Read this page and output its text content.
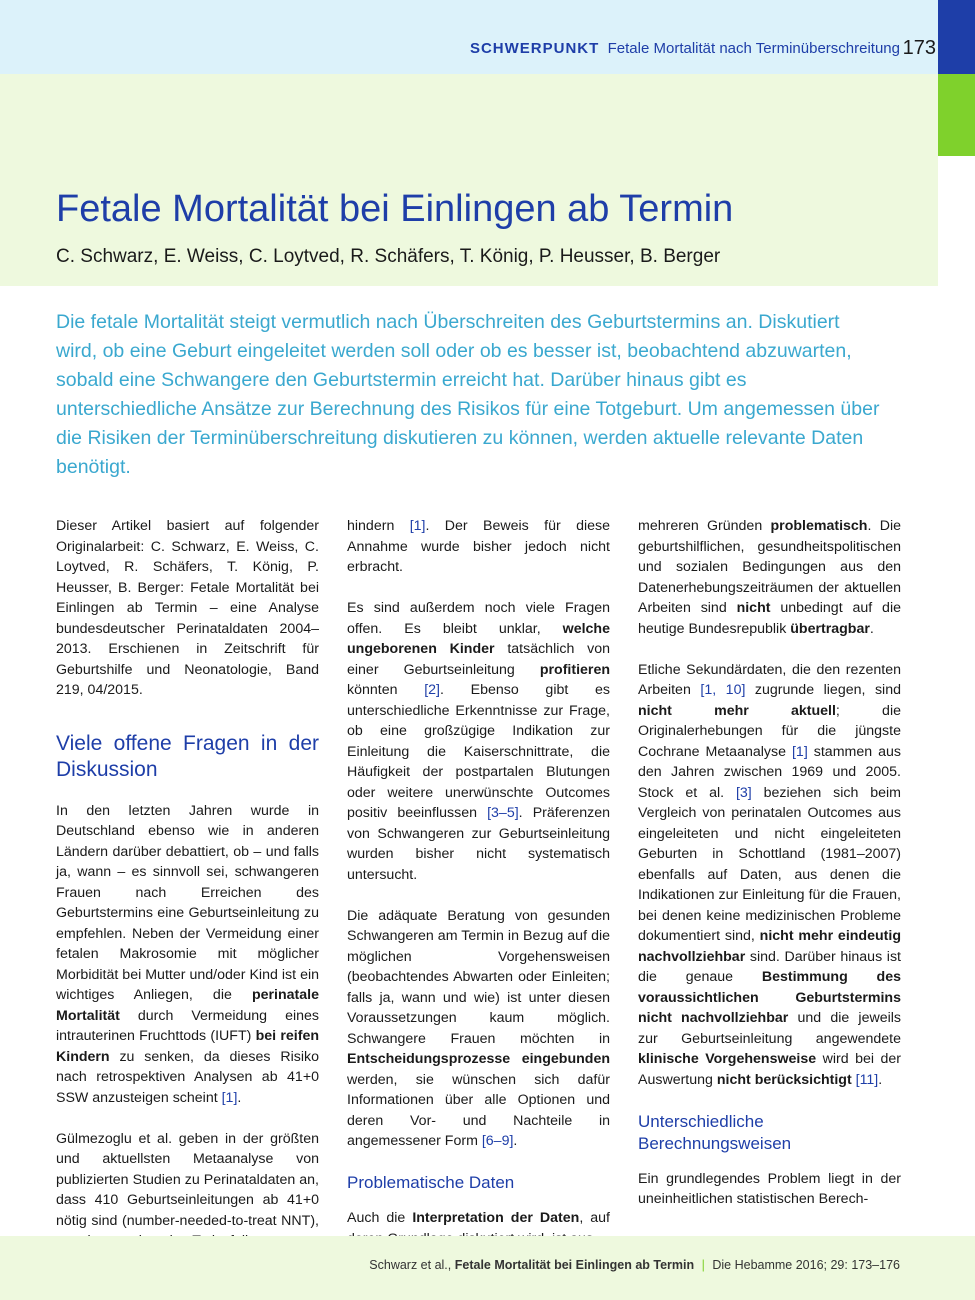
SCHWERPUNKT Fetale Mortalität nach Terminüberschreitung 173
Fetale Mortalität bei Einlingen ab Termin
C. Schwarz, E. Weiss, C. Loytved, R. Schäfers, T. König, P. Heusser, B. Berger

Die fetale Mortalität steigt vermutlich nach Überschreiten des Geburtstermins an. Diskutiert wird, ob eine Geburt eingeleitet werden soll oder ob es besser ist, beobachtend abzuwarten, sobald eine Schwangere den Geburtstermin erreicht hat. Darüber hinaus gibt es unterschiedliche Ansätze zur Berechnung des Risikos für eine Totgeburt. Um angemessen über die Risiken der Terminüberschreitung diskutieren zu können, werden aktuelle relevante Daten benötigt.

Dieser Artikel basiert auf folgender Originalarbeit: C. Schwarz, E. Weiss, C. Loytved, R. Schäfers, T. König, P. Heusser, B. Berger: Fetale Mortalität bei Einlingen ab Termin – eine Analyse bundesdeutscher Perinataldaten 2004–2013. Erschienen in Zeitschrift für Geburtshilfe und Neonatologie, Band 219, 04/2015.

Viele offene Fragen in der Diskussion

In den letzten Jahren wurde in Deutschland ebenso wie in anderen Ländern darüber debattiert, ob – und falls ja, wann – es sinnvoll sei, schwangeren Frauen nach Erreichen des Geburtstermins eine Geburtseinleitung zu empfehlen. Neben der Vermeidung einer fetalen Makrosomie mit möglicher Morbidität bei Mutter und/oder Kind ist ein wichtiges Anliegen, die perinatale Mortalität durch Vermeidung eines intrauterinen Fruchttods (IUFT) bei reifen Kindern zu senken, da dieses Risiko nach retrospektiven Analysen ab 41+0 SSW anzusteigen scheint [1].

Gülmezoglu et al. geben in der größten und aktuellsten Metaanalyse von publizierten Studien zu Perinataldaten an, dass 410 Geburtseinleitungen ab 41+0 nötig sind (number-needed-to-treat NNT),

hindern [1]. Der Beweis für diese Annahme wurde bisher jedoch nicht erbracht.

Es sind außerdem noch viele Fragen offen. Es bleibt unklar, welche ungeborenen Kinder tatsächlich von einer Geburtseinleitung profitieren könnten [2]. Ebenso gibt es unterschiedliche Erkenntnisse zur Frage, ob eine großzügige Indikation zur Einleitung die Kaiserschnittrate, die Häufigkeit der postpartalen Blutungen oder weitere unerwünschte Outcomes positiv beeinflussen [3–5]. Präferenzen von Schwangeren zur Geburtseinleitung wurden bisher nicht systematisch untersucht.

Die adäquate Beratung von gesunden Schwangeren am Termin in Bezug auf die möglichen Vorgehensweisen (beobachtendes Abwarten oder Einleiten; falls ja, wann und wie) ist unter diesen Voraussetzungen kaum möglich. Schwangere Frauen möchten in Entscheidungsprozesse eingebunden werden, sie wünschen sich dafür Informationen über alle Optionen und deren Vor- und Nachteile in angemessener Form [6–9].

Problematische Daten

Auch die Interpretation der Daten, auf

mehreren Gründen problematisch. Die geburtshilflichen, gesundheitspolitischen und sozialen Bedingungen aus den Datenerhebungszeiträumen der aktuellen Arbeiten sind nicht unbedingt auf die heutige Bundesrepublik übertragbar.

Etliche Sekundärdaten, die den rezenten Arbeiten [1, 10] zugrunde liegen, sind nicht mehr aktuell; die Originalerhebungen für die jüngste Cochrane Metaanalyse [1] stammen aus den Jahren zwischen 1969 und 2005. Stock et al. [3] beziehen sich beim Vergleich von perinatalen Outcomes aus eingeleiteten und nicht eingeleiteten Geburten in Schottland (1981–2007) ebenfalls auf Daten, aus denen die Indikationen zur Einleitung für die Frauen, bei denen keine medizinischen Probleme dokumentiert sind, nicht mehr eindeutig nachvollziehbar sind. Darüber hinaus ist die genaue Bestimmung des voraussichtlichen Geburtstermins nicht nachvollziehbar und die jeweils zur Geburtseinleitung angewendete klinische Vorgehensweise wird bei der Auswertung nicht berücksichtigt [11].

Unterschiedliche Berechnungsweisen

Ein grundlegendes Problem liegt in der uneinheitlichen statistischen Berech-

Schwarz et al., Fetale Mortalität bei Einlingen ab Termin | Die Hebamme 2016; 29: 173–176
